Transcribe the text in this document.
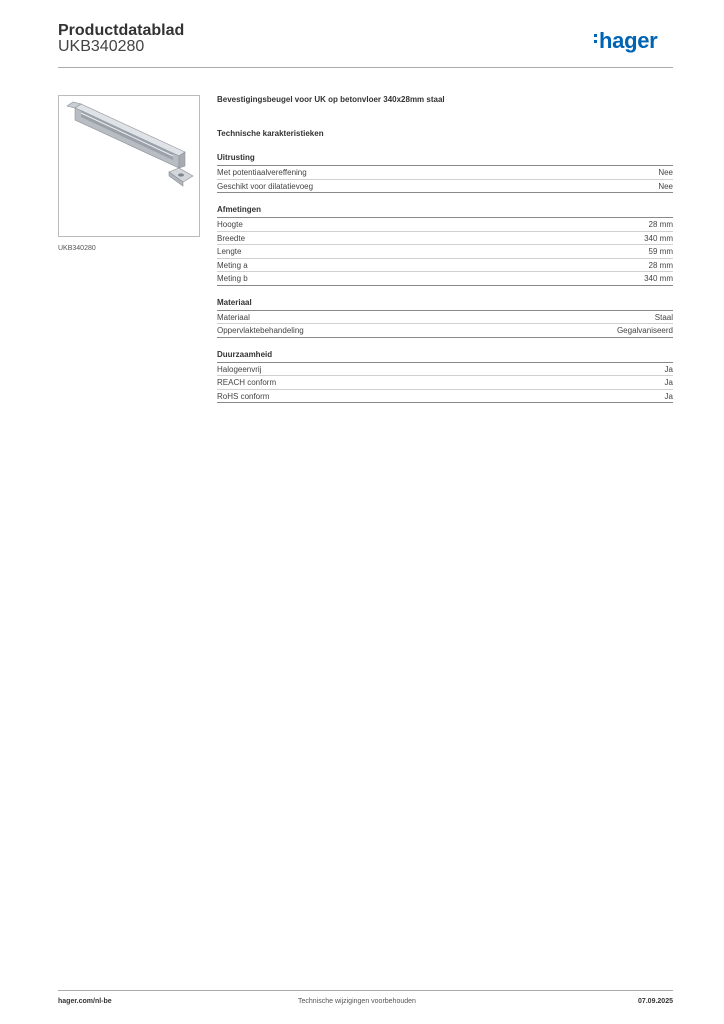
Productdatablad
UKB340280	hager
UKB340280
Bevestigingsbeugel voor UK op betonvloer 340x28mm staal
Technische karakteristieken
Uitrusting
Met potentiaalvereffening	Nee
Geschikt voor dilatatievoeg	Nee
Afmetingen
Hoogte	28 mm
Breedte	340 mm
Lengte	59 mm
Meting a	28 mm
Meting b	340 mm
Materiaal
Materiaal	Staal
Oppervlaktebehandeling	Gegalvaniseerd
Duurzaamheid
Halogeenvrij	Ja
REACH conform	Ja
RoHS conform	Ja
hager.com/nl-be	Technische wijzigingen voorbehouden	07.09.2025
